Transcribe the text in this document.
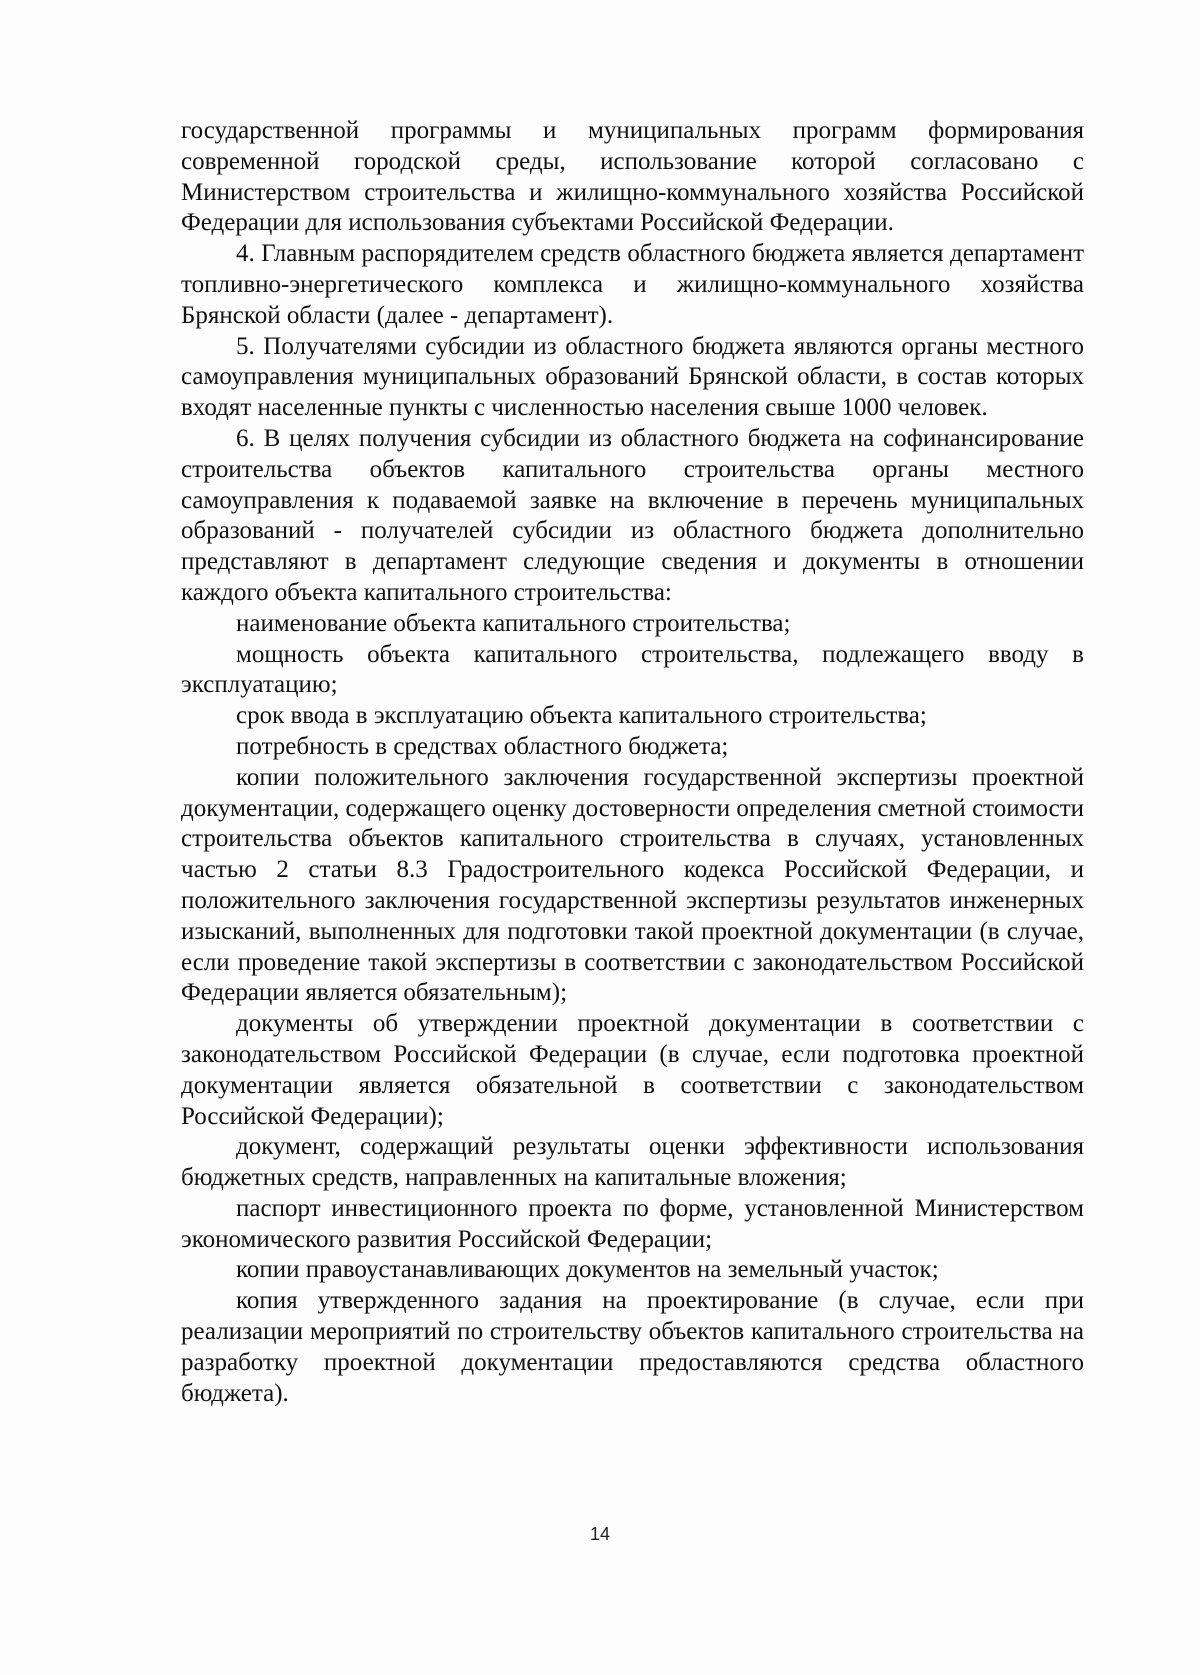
государственной программы и муниципальных программ формирования современной городской среды, использование которой согласовано с Министерством строительства и жилищно-коммунального хозяйства Российской Федерации для использования субъектами Российской Федерации.

4. Главным распорядителем средств областного бюджета является департамент топливно-энергетического комплекса и жилищно-коммунального хозяйства Брянской области (далее - департамент).

5. Получателями субсидии из областного бюджета являются органы местного самоуправления муниципальных образований Брянской области, в состав которых входят населенные пункты с численностью населения свыше 1000 человек.

6. В целях получения субсидии из областного бюджета на софинансирование строительства объектов капитального строительства органы местного самоуправления к подаваемой заявке на включение в перечень муниципальных образований - получателей субсидии из областного бюджета дополнительно представляют в департамент следующие сведения и документы в отношении каждого объекта капитального строительства:

наименование объекта капитального строительства;

мощность объекта капитального строительства, подлежащего вводу в эксплуатацию;

срок ввода в эксплуатацию объекта капитального строительства;

потребность в средствах областного бюджета;

копии положительного заключения государственной экспертизы проектной документации, содержащего оценку достоверности определения сметной стоимости строительства объектов капитального строительства в случаях, установленных частью 2 статьи 8.3 Градостроительного кодекса Российской Федерации, и положительного заключения государственной экспертизы результатов инженерных изысканий, выполненных для подготовки такой проектной документации (в случае, если проведение такой экспертизы в соответствии с законодательством Российской Федерации является обязательным);

документы об утверждении проектной документации в соответствии с законодательством Российской Федерации (в случае, если подготовка проектной документации является обязательной в соответствии с законодательством Российской Федерации);

документ, содержащий результаты оценки эффективности использования бюджетных средств, направленных на капитальные вложения;

паспорт инвестиционного проекта по форме, установленной Министерством экономического развития Российской Федерации;

копии правоустанавливающих документов на земельный участок;

копия утвержденного задания на проектирование (в случае, если при реализации мероприятий по строительству объектов капитального строительства на разработку проектной документации предоставляются средства областного бюджета).

14
